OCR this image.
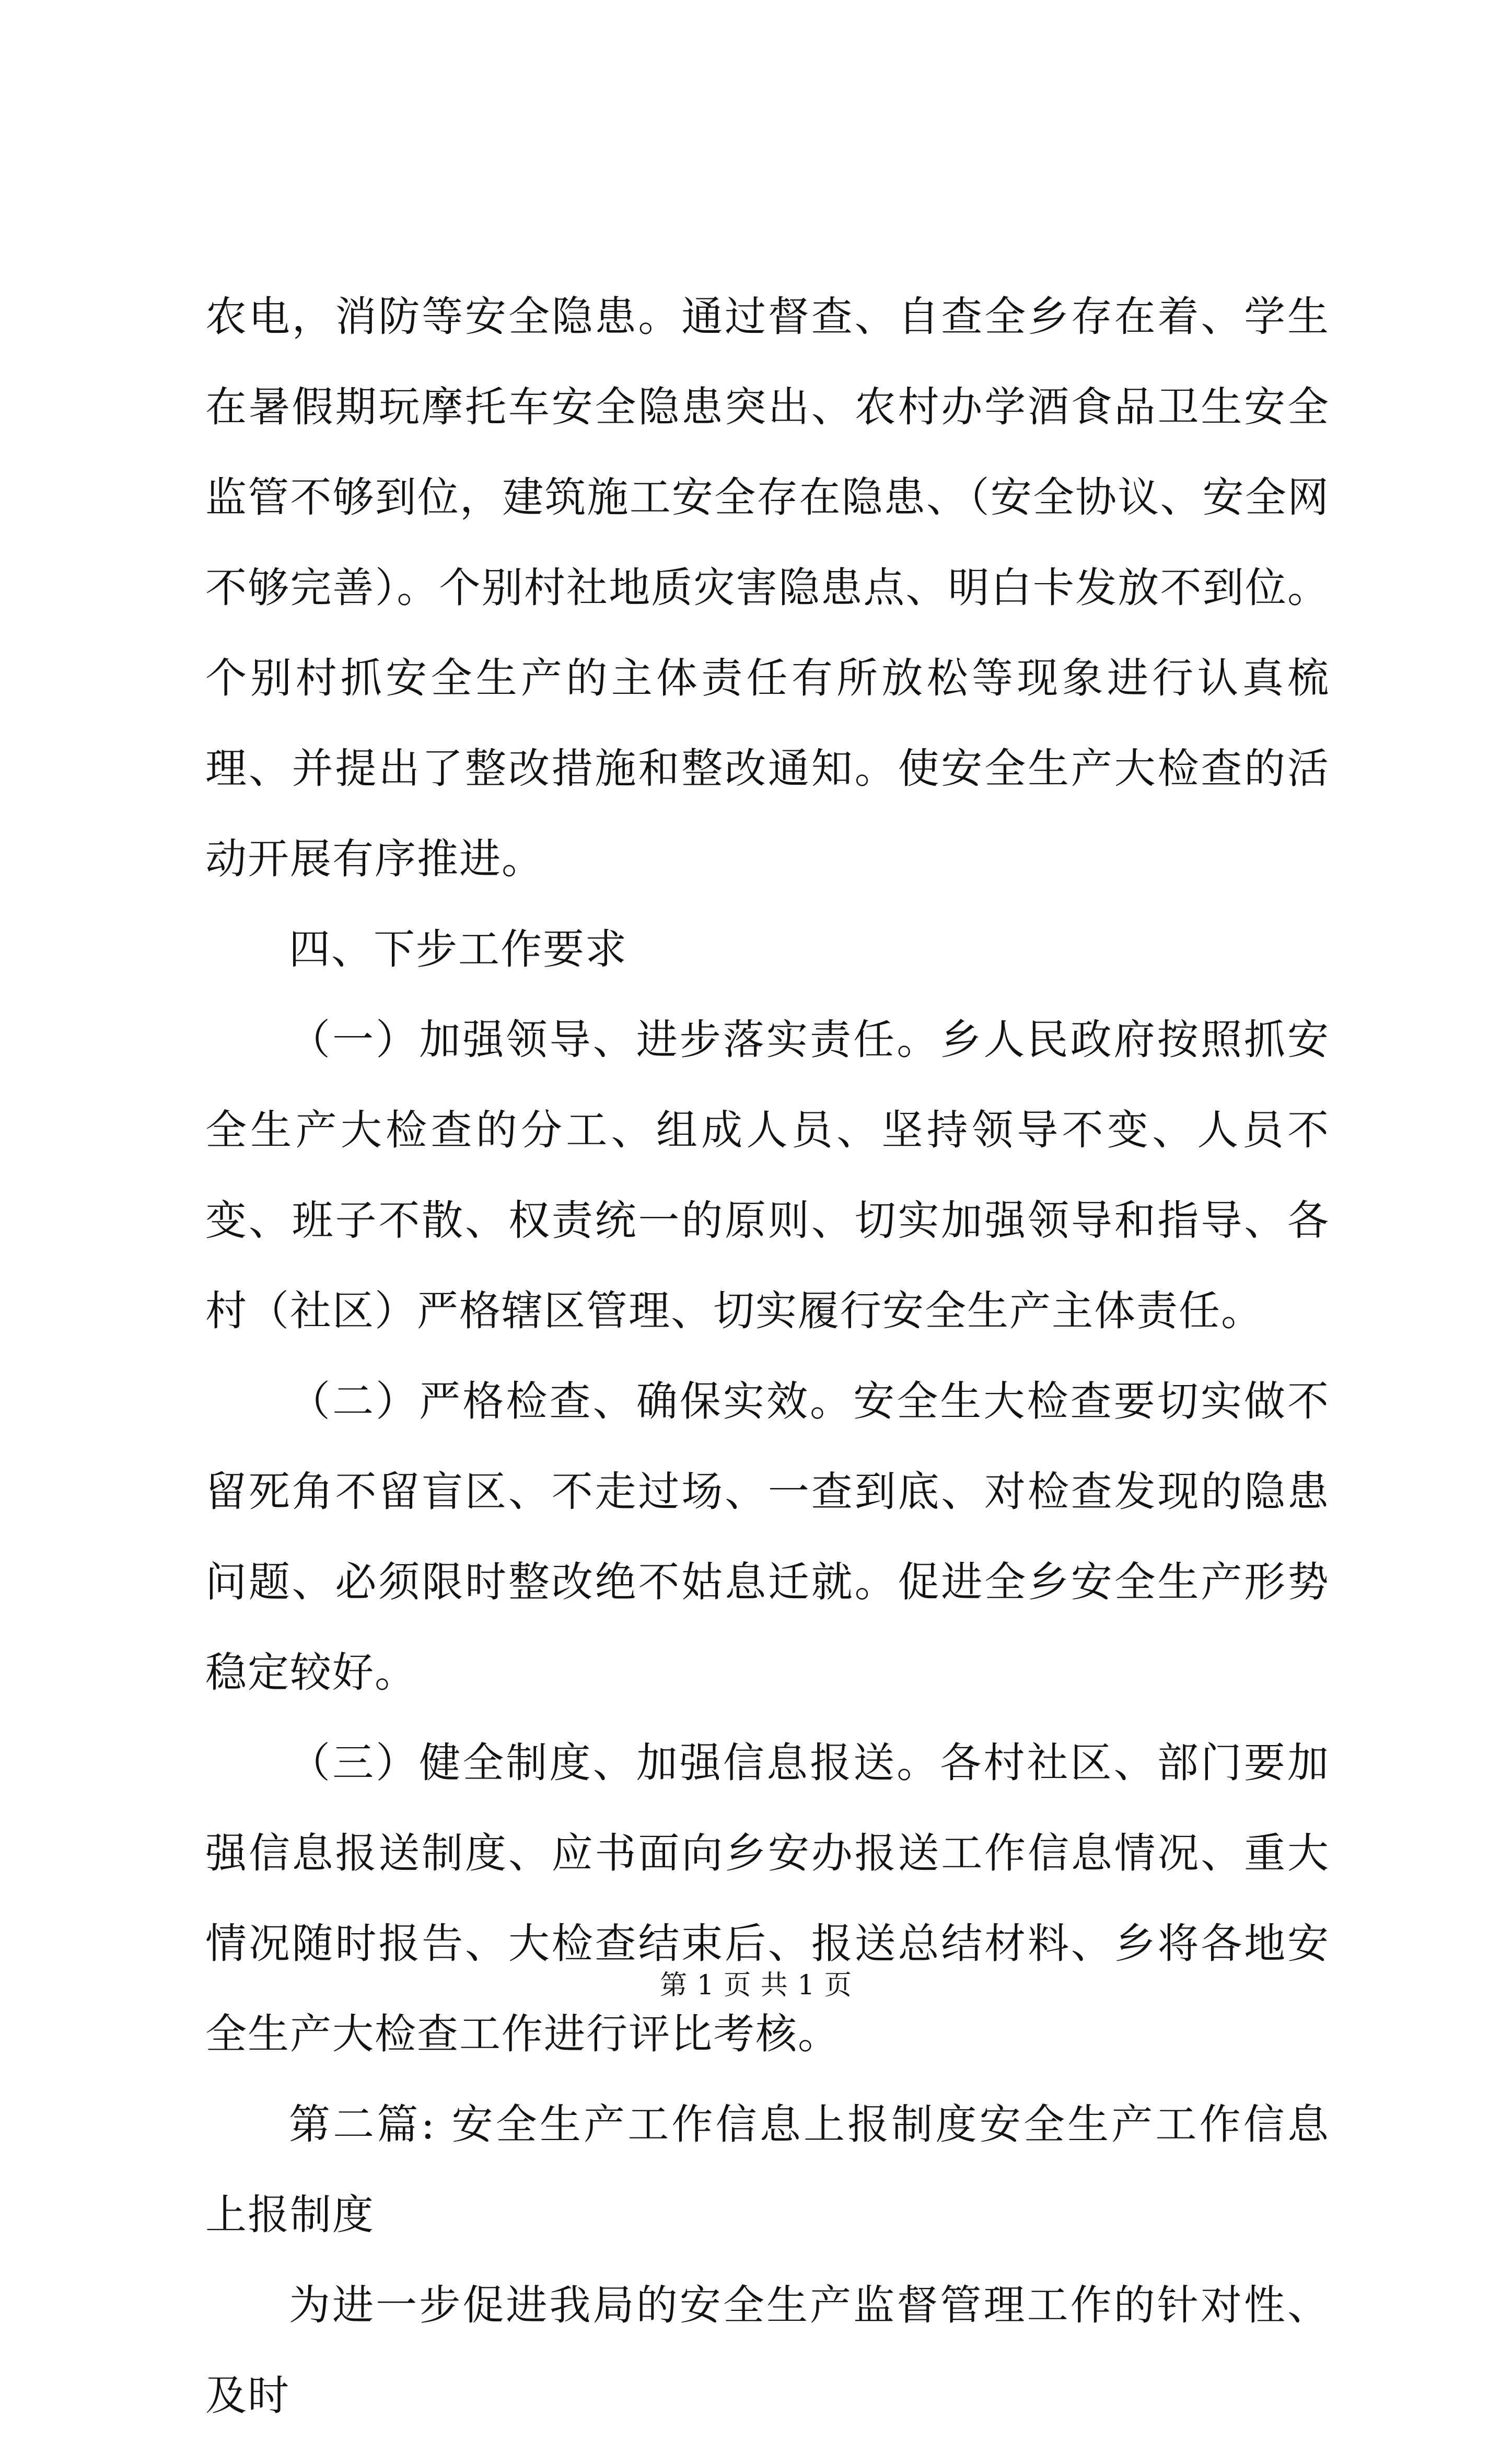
农电，消防等安全隐患。通过督查、自查全乡存在着、学生在暑假期玩摩托车安全隐患突出、农村办学酒食品卫生安全监管不够到位，建筑施工安全存在隐患、（安全协议、安全网不够完善）。个别村社地质灾害隐患点、明白卡发放不到位。个别村抓安全生产的主体责任有所放松等现象进行认真梳理、并提出了整改措施和整改通知。使安全生产大检查的活动开展有序推进。

四、下步工作要求

（一）加强领导、进步落实责任。乡人民政府按照抓安全生产大检查的分工、组成人员、坚持领导不变、人员不变、班子不散、权责统一的原则、切实加强领导和指导、各村（社区）严格辖区管理、切实履行安全生产主体责任。

（二）严格检查、确保实效。安全生大检查要切实做不留死角不留盲区、不走过场、一查到底、对检查发现的隐患问题、必须限时整改绝不姑息迁就。促进全乡安全生产形势稳定较好。

（三）健全制度、加强信息报送。各村社区、部门要加强信息报送制度、应书面向乡安办报送工作信息情况、重大情况随时报告、大检查结束后、报送总结材料、乡将各地安全生产大检查工作进行评比考核。

第二篇: 安全生产工作信息上报制度安全生产工作信息上报制度

为进一步促进我局的安全生产监督管理工作的针对性、及时

第 1 页 共 1 页
